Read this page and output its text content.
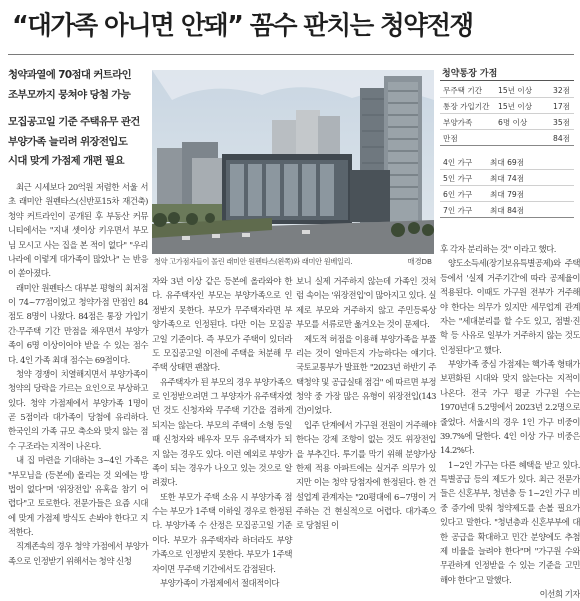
“대가족 아니면 안돼” 꼼수 판치는 청약전쟁
청약과열에 70점대 커트라인
조부모까지 뭉쳐야 당첨 가능
모집공고일 기준 주택유무 관건
부양가족 늘리려 위장전입도
시대 맞게 가점제 개편 필요
청약 고가점자들이 몰린 래미안 원펜타스(왼쪽)와 래미안 원베일리.	매경DB
청약통장 가점
무주택 기간 15년 이상	32점
통장 가입기간 15년 이상	17점
부양가족	6명 이상	35점
만점	84점
4인 가구 최대 69점
5인 가구 최대 74점
6인 가구 최대 79점
7인 가구 최대 84점

최근 시세보다 20억원 저렴한 서울 서초 래미안 원펜타스(신반포15차 재건축) 청약 커트라인이 공개된 후 부동산 커뮤니티에서는 "지내 셋이상 키우면서 부모님 모시고 사는 집을 본 적이 없다" "우리나라에 이렇게 대가족이 많았나" 는 반응이 쏟아졌다.

래미안 원펜타스 대부분 평형의 최저점이 74~77점이었고 청약가점 만점인 84점도 8명이 나왔다. 84점은 통장 가입기간·무주택 기간 만점을 채우면서 부양가족이 6명 이상이어야 받을 수 있는 점수다. 4인 가족 최대 점수는 69점이다.

청약 경쟁이 치열해지면서 부양가족이 청약의 당락을 가르는 요인으로 부상하고 있다. 청약 가점제에서 부양가족 1명이 곧 5점이라 대가족이 당첨에 유리하다. 한국인의 가족 규모 축소와 맞지 않는 점수 구조라는 지적이 나온다.

내 집 마련을 기대하는 3~4인 가족은 "부모님을 (등본에) 올리는 것 외에는 방법이 없다"며 '위장전입' 유혹을 참기 어렵다"고 토로한다. 전문가들은 요즘 시대에 맞게 가점제 방식도 손봐야 한다고 지적한다.

직계존속의 경우 청약 가점에서 부양가족으로 인정받기 위해서는 청약 신청

자와 3년 이상 같은 등본에 올라와야 한다. 유주택자인 부모는 부양가족으로 인정받지 못한다. 부모가 무주택자라면 부양가족으로 인정된다. 다만 이는 모집공고일 기준이다. 즉 부모가 주택이 있더라도 모집공고일 이전에 주택을 처분해 무주택 상태면 괜찮다.

유주택자가 된 부모의 경우 부양가족으로 인정받으려면 그 부양자가 유주택자였던 것도 신청자와 무주택 기간을 겸하게 되지는 않는다. 부모의 주택이 소형 등일 때 신청자와 배우자 모두 유주택자가 되지 않는 경우도 있다. 이런 예외로 부양가족이 되는 경우가 나오고 있는 것으로 알려졌다.

또한 부모가 주택 소유 시 부양가족 점수는 부모가 1주택 이하일 경우로 한정된다. 부양가족 수 산정은 모집공고일 기준이다. 부모가 유주택자라 하더라도 부양가족으로 인정받지 못한다. 부모가 1주택자이면 무주택 기간에서도 감점된다.

부양가족이 가점제에서 절대적이다

보니 실제 거주하지 않는데 가족인 것처럼 속이는 '위장전입'이 많아지고 있다. 실제로 부모와 거주하지 않고 주민등록상 부모를 서류로만 옮겨오는 것이 문제다.

제도적 허점을 이용해 부양가족을 부풀리는 것이 얼마든지 가능하다는 얘기다. 국토교통부가 발표한 "2023년 하반기 주택청약 및 공급실태 점검" 에 따르면 부정청약 중 가장 많은 유형이 위장전입(143건)이었다.

입주 단계에서 가구원 전원이 거주해야 한다는 강제 조항이 없는 것도 위장전입을 부추긴다. 투기를 막기 위해 분양가상한제 적용 아파트에는 실거주 의무가 있지만 이는 청약 당첨자에 한정된다. 한 건설업계 관계자는 "20평대에 6~7명이 거주하는 건 현실적으로 어렵다. 대가족으로 당첨된 이

후 각자 분리하는 것" 이라고 했다.

양도소득세(장기보유특별공제)와 주택 등에서 '실제 거주기간'에 따라 공제율이 적용된다. 이때도 가구원 전부가 거주해야 한다는 의무가 있지만 세무업계 관계자는 "세대분리를 할 수도 있고, 점별·진학 등 사유로 일부가 거주하지 않는 것도 인정된다"고 했다.

부양가족 중심 가점제는 핵가족 형태가 보편화된 시대와 맞지 않는다는 지적이 나온다. 전국 가구 평균 가구원 수는 1970년대 5.2명에서 2023년 2.2명으로 줄었다. 서울시의 경우 1인 가구 비중이 39.7%에 달한다. 4인 이상 가구 비중은 14.2%다.

1~2인 가구는 다른 혜택을 받고 있다. 특별공급 등의 제도가 있다. 최근 전문가들은 신혼부부, 청년층 등 1~2인 가구 비중 증가에 맞춰 청약제도를 손볼 필요가 있다고 말한다. "청년층과 신혼부부에 대한 공급을 확대하고 민간 분양에도 추첨제 비율을 늘려야 한다"며 "가구원 수와 무관하게 인정받을 수 있는 기준을 고민해야 한다"고 말했다.

이선희 기자
